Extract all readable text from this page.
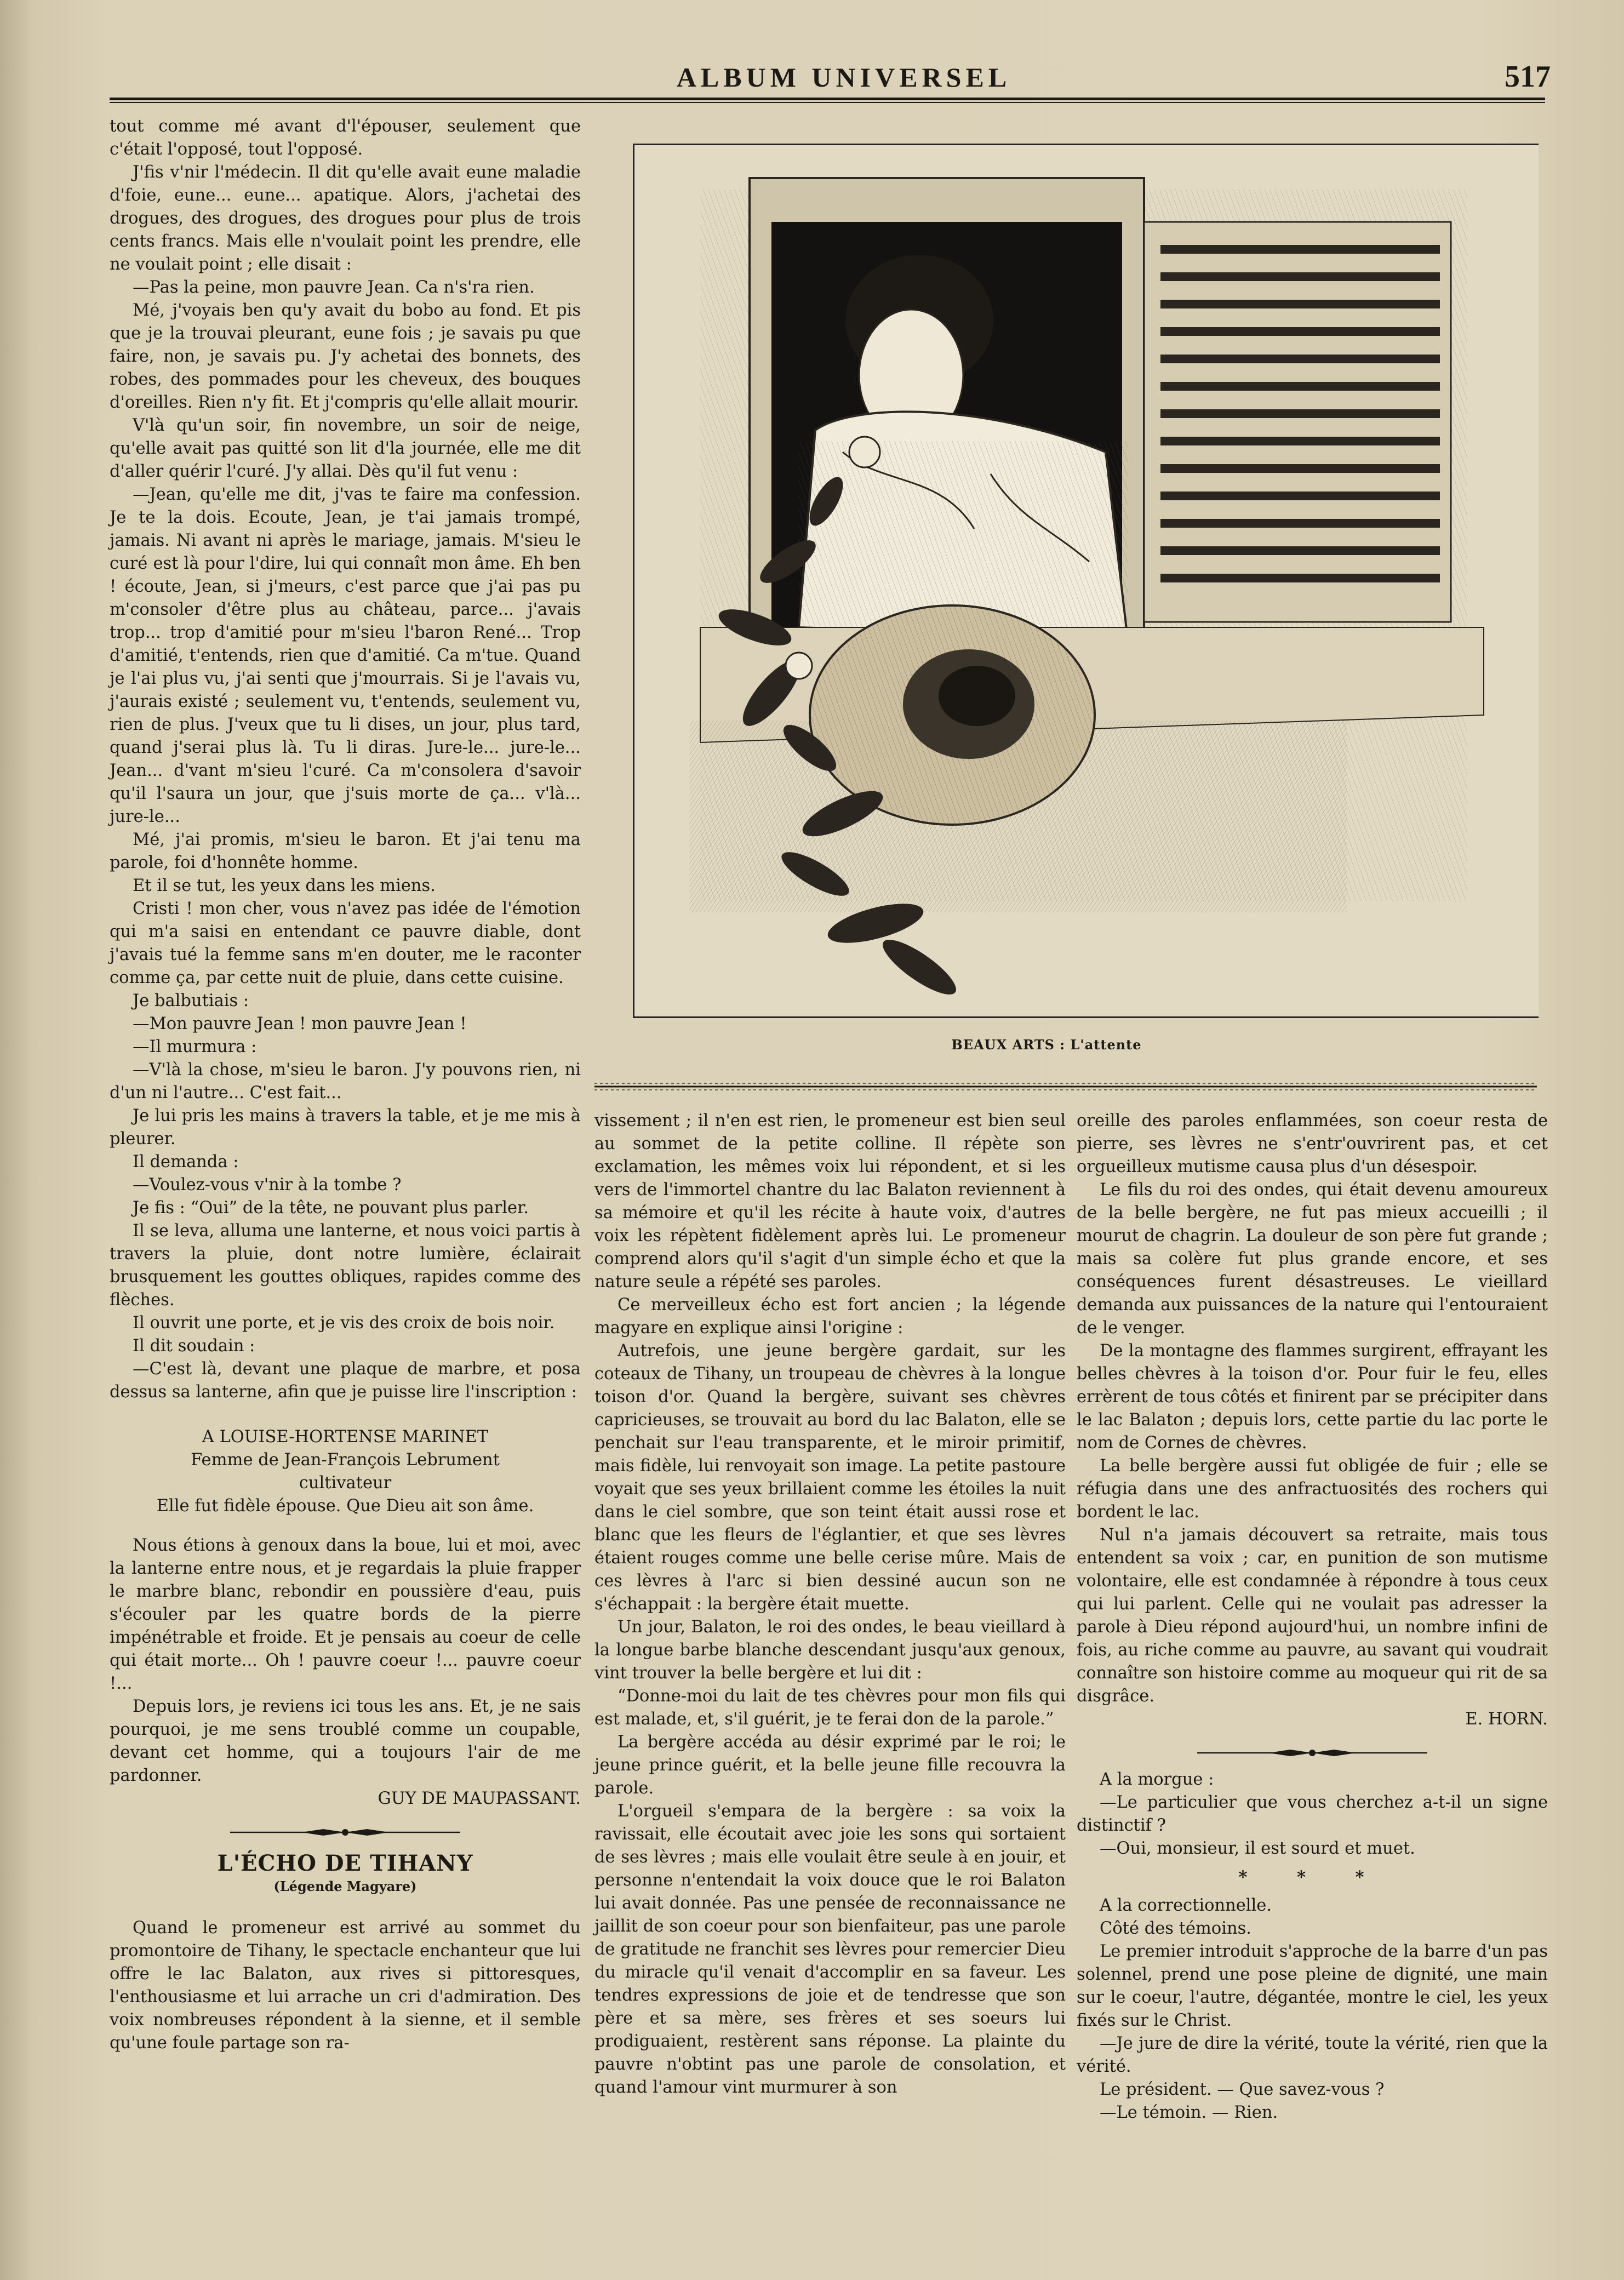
ALBUM UNIVERSEL	517
BEAUX ARTS : L'attente

tout comme mé avant d'l'épouser, seulement que c'était l'opposé, tout l'opposé.

J'fis v'nir l'médecin. Il dit qu'elle avait eune maladie d'foie, eune... eune... apatique. Alors, j'achetai des drogues, des drogues, des drogues pour plus de trois cents francs. Mais elle n'voulait point les prendre, elle ne voulait point ; elle disait :

—Pas la peine, mon pauvre Jean. Ca n's'ra rien.

Mé, j'voyais ben qu'y avait du bobo au fond. Et pis que je la trouvai pleurant, eune fois ; je savais pu que faire, non, je savais pu. J'y achetai des bonnets, des robes, des pommades pour les cheveux, des bouques d'oreilles. Rien n'y fit. Et j'compris qu'elle allait mourir.

V'là qu'un soir, fin novembre, un soir de neige, qu'elle avait pas quitté son lit d'la journée, elle me dit d'aller quérir l'curé. J'y allai. Dès qu'il fut venu :

—Jean, qu'elle me dit, j'vas te faire ma confession. Je te la dois. Ecoute, Jean, je t'ai jamais trompé, jamais. Ni avant ni après le mariage, jamais. M'sieu le curé est là pour l'dire, lui qui connaît mon âme. Eh ben ! écoute, Jean, si j'meurs, c'est parce que j'ai pas pu m'consoler d'être plus au château, parce... j'avais trop... trop d'amitié pour m'sieu l'baron René... Trop d'amitié, t'entends, rien que d'amitié. Ca m'tue. Quand je l'ai plus vu, j'ai senti que j'mourrais. Si je l'avais vu, j'aurais existé ; seulement vu, t'entends, seulement vu, rien de plus. J'veux que tu li dises, un jour, plus tard, quand j'serai plus là. Tu li diras. Jure-le... jure-le... Jean... d'vant m'sieu l'curé. Ca m'consolera d'savoir qu'il l'saura un jour, que j'suis morte de ça... v'là... jure-le...

Mé, j'ai promis, m'sieu le baron. Et j'ai tenu ma parole, foi d'honnête homme.

Et il se tut, les yeux dans les miens.

Cristi ! mon cher, vous n'avez pas idée de l'émotion qui m'a saisi en entendant ce pauvre diable, dont j'avais tué la femme sans m'en douter, me le raconter comme ça, par cette nuit de pluie, dans cette cuisine.

Je balbutiais :

—Mon pauvre Jean ! mon pauvre Jean !

—Il murmura :

—V'là la chose, m'sieu le baron. J'y pouvons rien, ni d'un ni l'autre... C'est fait...

Je lui pris les mains à travers la table, et je me mis à pleurer.

Il demanda :

—Voulez-vous v'nir à la tombe ?

Je fis : “Oui” de la tête, ne pouvant plus parler.

Il se leva, alluma une lanterne, et nous voici partis à travers la pluie, dont notre lumière, éclairait brusquement les gouttes obliques, rapides comme des flèches.

Il ouvrit une porte, et je vis des croix de bois noir.

Il dit soudain :

—C'est là, devant une plaque de marbre, et posa dessus sa lanterne, afin que je puisse lire l'inscription :

A LOUISE-HORTENSE MARINET

Femme de Jean-François Lebrument

cultivateur

Elle fut fidèle épouse. Que Dieu ait son âme.

Nous étions à genoux dans la boue, lui et moi, avec la lanterne entre nous, et je regardais la pluie frapper le marbre blanc, rebondir en poussière d'eau, puis s'écouler par les quatre bords de la pierre impénétrable et froide. Et je pensais au coeur de celle qui était morte... Oh ! pauvre coeur !... pauvre coeur !...

Depuis lors, je reviens ici tous les ans. Et, je ne sais pourquoi, je me sens troublé comme un coupable, devant cet homme, qui a toujours l'air de me pardonner.

GUY DE MAUPASSANT.

L'ÉCHO DE TIHANY

(Légende Magyare)

Quand le promeneur est arrivé au sommet du promontoire de Tihany, le spectacle enchanteur que lui offre le lac Balaton, aux rives si pittoresques, l'enthousiasme et lui arrache un cri d'admiration. Des voix nombreuses répondent à la sienne, et il semble qu'une foule partage son ra-

vissement ; il n'en est rien, le promeneur est bien seul au sommet de la petite colline. Il répète son exclamation, les mêmes voix lui répondent, et si les vers de l'immortel chantre du lac Balaton reviennent à sa mémoire et qu'il les récite à haute voix, d'autres voix les répètent fidèlement après lui. Le promeneur comprend alors qu'il s'agit d'un simple écho et que la nature seule a répété ses paroles.

Ce merveilleux écho est fort ancien ; la légende magyare en explique ainsi l'origine :

Autrefois, une jeune bergère gardait, sur les coteaux de Tihany, un troupeau de chèvres à la longue toison d'or. Quand la bergère, suivant ses chèvres capricieuses, se trouvait au bord du lac Balaton, elle se penchait sur l'eau transparente, et le miroir primitif, mais fidèle, lui renvoyait son image. La petite pastoure voyait que ses yeux brillaient comme les étoiles la nuit dans le ciel sombre, que son teint était aussi rose et blanc que les fleurs de l'églantier, et que ses lèvres étaient rouges comme une belle cerise mûre. Mais de ces lèvres à l'arc si bien dessiné aucun son ne s'échappait : la bergère était muette.

Un jour, Balaton, le roi des ondes, le beau vieillard à la longue barbe blanche descendant jusqu'aux genoux, vint trouver la belle bergère et lui dit :

“Donne-moi du lait de tes chèvres pour mon fils qui est malade, et, s'il guérit, je te ferai don de la parole.”

La bergère accéda au désir exprimé par le roi; le jeune prince guérit, et la belle jeune fille recouvra la parole.

L'orgueil s'empara de la bergère : sa voix la ravissait, elle écoutait avec joie les sons qui sortaient de ses lèvres ; mais elle voulait être seule à en jouir, et personne n'entendait la voix douce que le roi Balaton lui avait donnée. Pas une pensée de reconnaissance ne jaillit de son coeur pour son bienfaiteur, pas une parole de gratitude ne franchit ses lèvres pour remercier Dieu du miracle qu'il venait d'accomplir en sa faveur. Les tendres expressions de joie et de tendresse que son père et sa mère, ses frères et ses soeurs lui prodiguaient, restèrent sans réponse. La plainte du pauvre n'obtint pas une parole de consolation, et quand l'amour vint murmurer à son

oreille des paroles enflammées, son coeur resta de pierre, ses lèvres ne s'entr'ouvrirent pas, et cet orgueilleux mutisme causa plus d'un désespoir.

Le fils du roi des ondes, qui était devenu amoureux de la belle bergère, ne fut pas mieux accueilli ; il mourut de chagrin. La douleur de son père fut grande ; mais sa colère fut plus grande encore, et ses conséquences furent désastreuses. Le vieillard demanda aux puissances de la nature qui l'entouraient de le venger.

De la montagne des flammes surgirent, effrayant les belles chèvres à la toison d'or. Pour fuir le feu, elles errèrent de tous côtés et finirent par se précipiter dans le lac Balaton ; depuis lors, cette partie du lac porte le nom de Cornes de chèvres.

La belle bergère aussi fut obligée de fuir ; elle se réfugia dans une des anfractuosités des rochers qui bordent le lac.

Nul n'a jamais découvert sa retraite, mais tous entendent sa voix ; car, en punition de son mutisme volontaire, elle est condamnée à répondre à tous ceux qui lui parlent. Celle qui ne voulait pas adresser la parole à Dieu répond aujourd'hui, un nombre infini de fois, au riche comme au pauvre, au savant qui voudrait connaître son histoire comme au moqueur qui rit de sa disgrâce.

E. HORN.

A la morgue :

—Le particulier que vous cherchez a-t-il un signe distinctif ?

—Oui, monsieur, il est sourd et muet.

* * *

A la correctionnelle.

Côté des témoins.

Le premier introduit s'approche de la barre d'un pas solennel, prend une pose pleine de dignité, une main sur le coeur, l'autre, dégantée, montre le ciel, les yeux fixés sur le Christ.

—Je jure de dire la vérité, toute la vérité, rien que la vérité.

Le président. — Que savez-vous ?

—Le témoin. — Rien.
